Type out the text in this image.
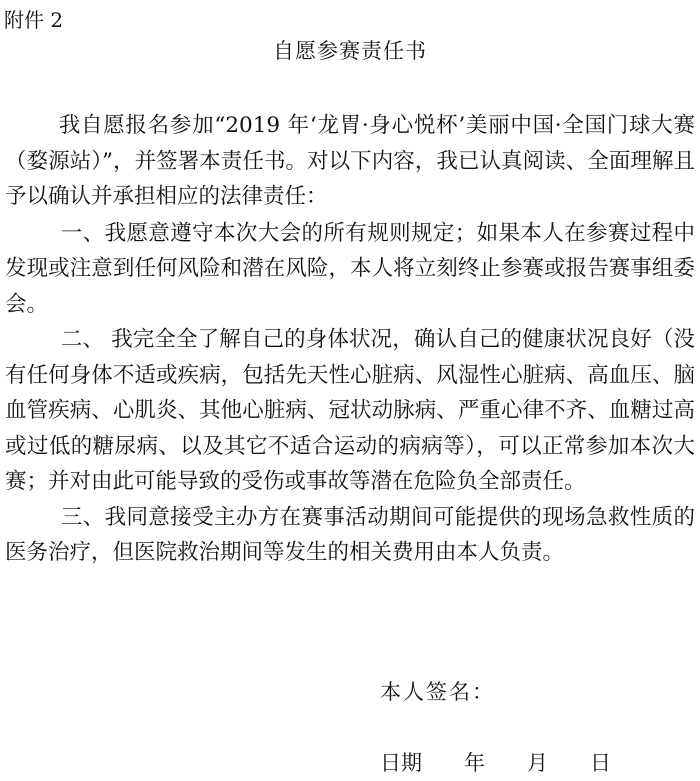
附件 2
自愿参赛责任书

我自愿报名参加“2019 年‘龙胃·身心悦杯’美丽中国·全国门球大赛（婺源站）”，并签署本责任书。对以下内容，我已认真阅读、全面理解且予以确认并承担相应的法律责任：

一、我愿意遵守本次大会的所有规则规定；如果本人在参赛过程中发现或注意到任何风险和潜在风险，本人将立刻终止参赛或报告赛事组委会。

二、 我完全全了解自己的身体状况，确认自己的健康状况良好（没有任何身体不适或疾病，包括先天性心脏病、风湿性心脏病、高血压、脑血管疾病、心肌炎、其他心脏病、冠状动脉病、严重心律不齐、血糖过高或过低的糖尿病、以及其它不适合运动的病病等），可以正常参加本次大赛；并对由此可能导致的受伤或事故等潜在危险负全部责任。

三、我同意接受主办方在赛事活动期间可能提供的现场急救性质的医务治疗，但医院救治期间等发生的相关费用由本人负责。

本人签名：
日期 年 月 日
